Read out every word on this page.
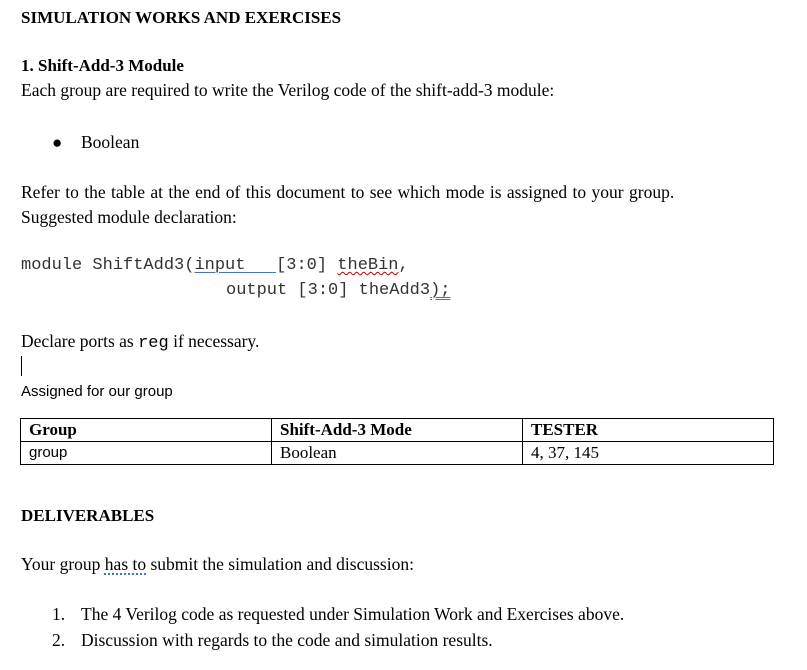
SIMULATION WORKS AND EXERCISES
1. Shift-Add-3 Module
Each group are required to write the Verilog code of the shift-add-3 module:
● Boolean
Refer to the table at the end of this document to see which mode is assigned to your group.
Suggested module declaration:
module ShiftAdd3(input [3:0] theBin,
output [3:0] theAdd3);
Declare ports as reg if necessary.
Assigned for our group
Group	Shift-Add-3 Mode	TESTER
group	Boolean	4, 37, 145
DELIVERABLES
Your group has to submit the simulation and discussion:
1. The 4 Verilog code as requested under Simulation Work and Exercises above.
2. Discussion with regards to the code and simulation results.
